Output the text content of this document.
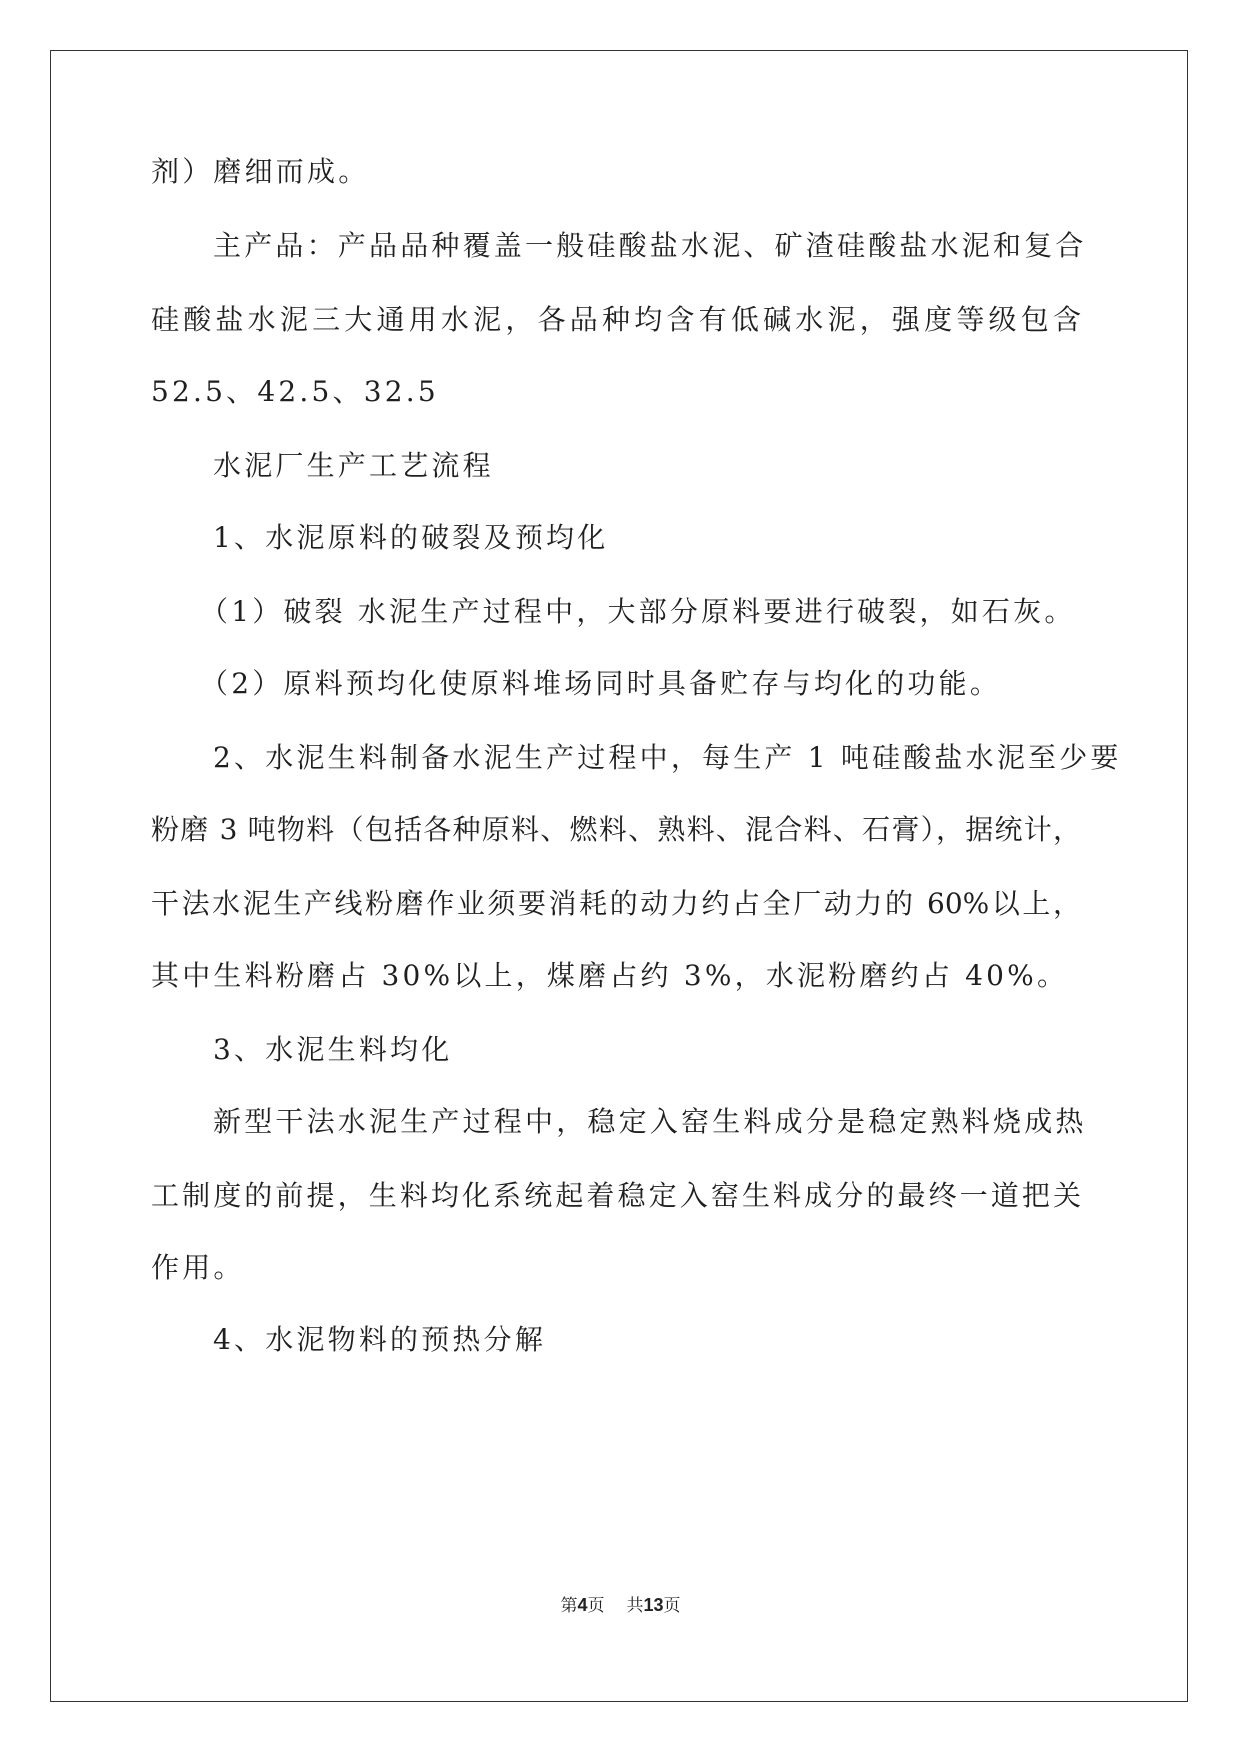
剂）磨细而成。
主产品：产品品种覆盖一般硅酸盐水泥、矿渣硅酸盐水泥和复合
硅酸盐水泥三大通用水泥，各品种均含有低碱水泥，强度等级包含
52.5、42.5、32.5
水泥厂生产工艺流程
1、水泥原料的破裂及预均化
（1）破裂 水泥生产过程中，大部分原料要进行破裂，如石灰。
（2）原料预均化使原料堆场同时具备贮存与均化的功能。
2、水泥生料制备水泥生产过程中，每生产 1 吨硅酸盐水泥至少要
粉磨 3 吨物料（包括各种原料、燃料、熟料、混合料、石膏），据统计，
干法水泥生产线粉磨作业须要消耗的动力约占全厂动力的 60%以上，
其中生料粉磨占 30%以上，煤磨占约 3%，水泥粉磨约占 40%。
3、水泥生料均化
新型干法水泥生产过程中，稳定入窑生料成分是稳定熟料烧成热
工制度的前提，生料均化系统起着稳定入窑生料成分的最终一道把关
作用。
4、水泥物料的预热分解
第4页 共13页
